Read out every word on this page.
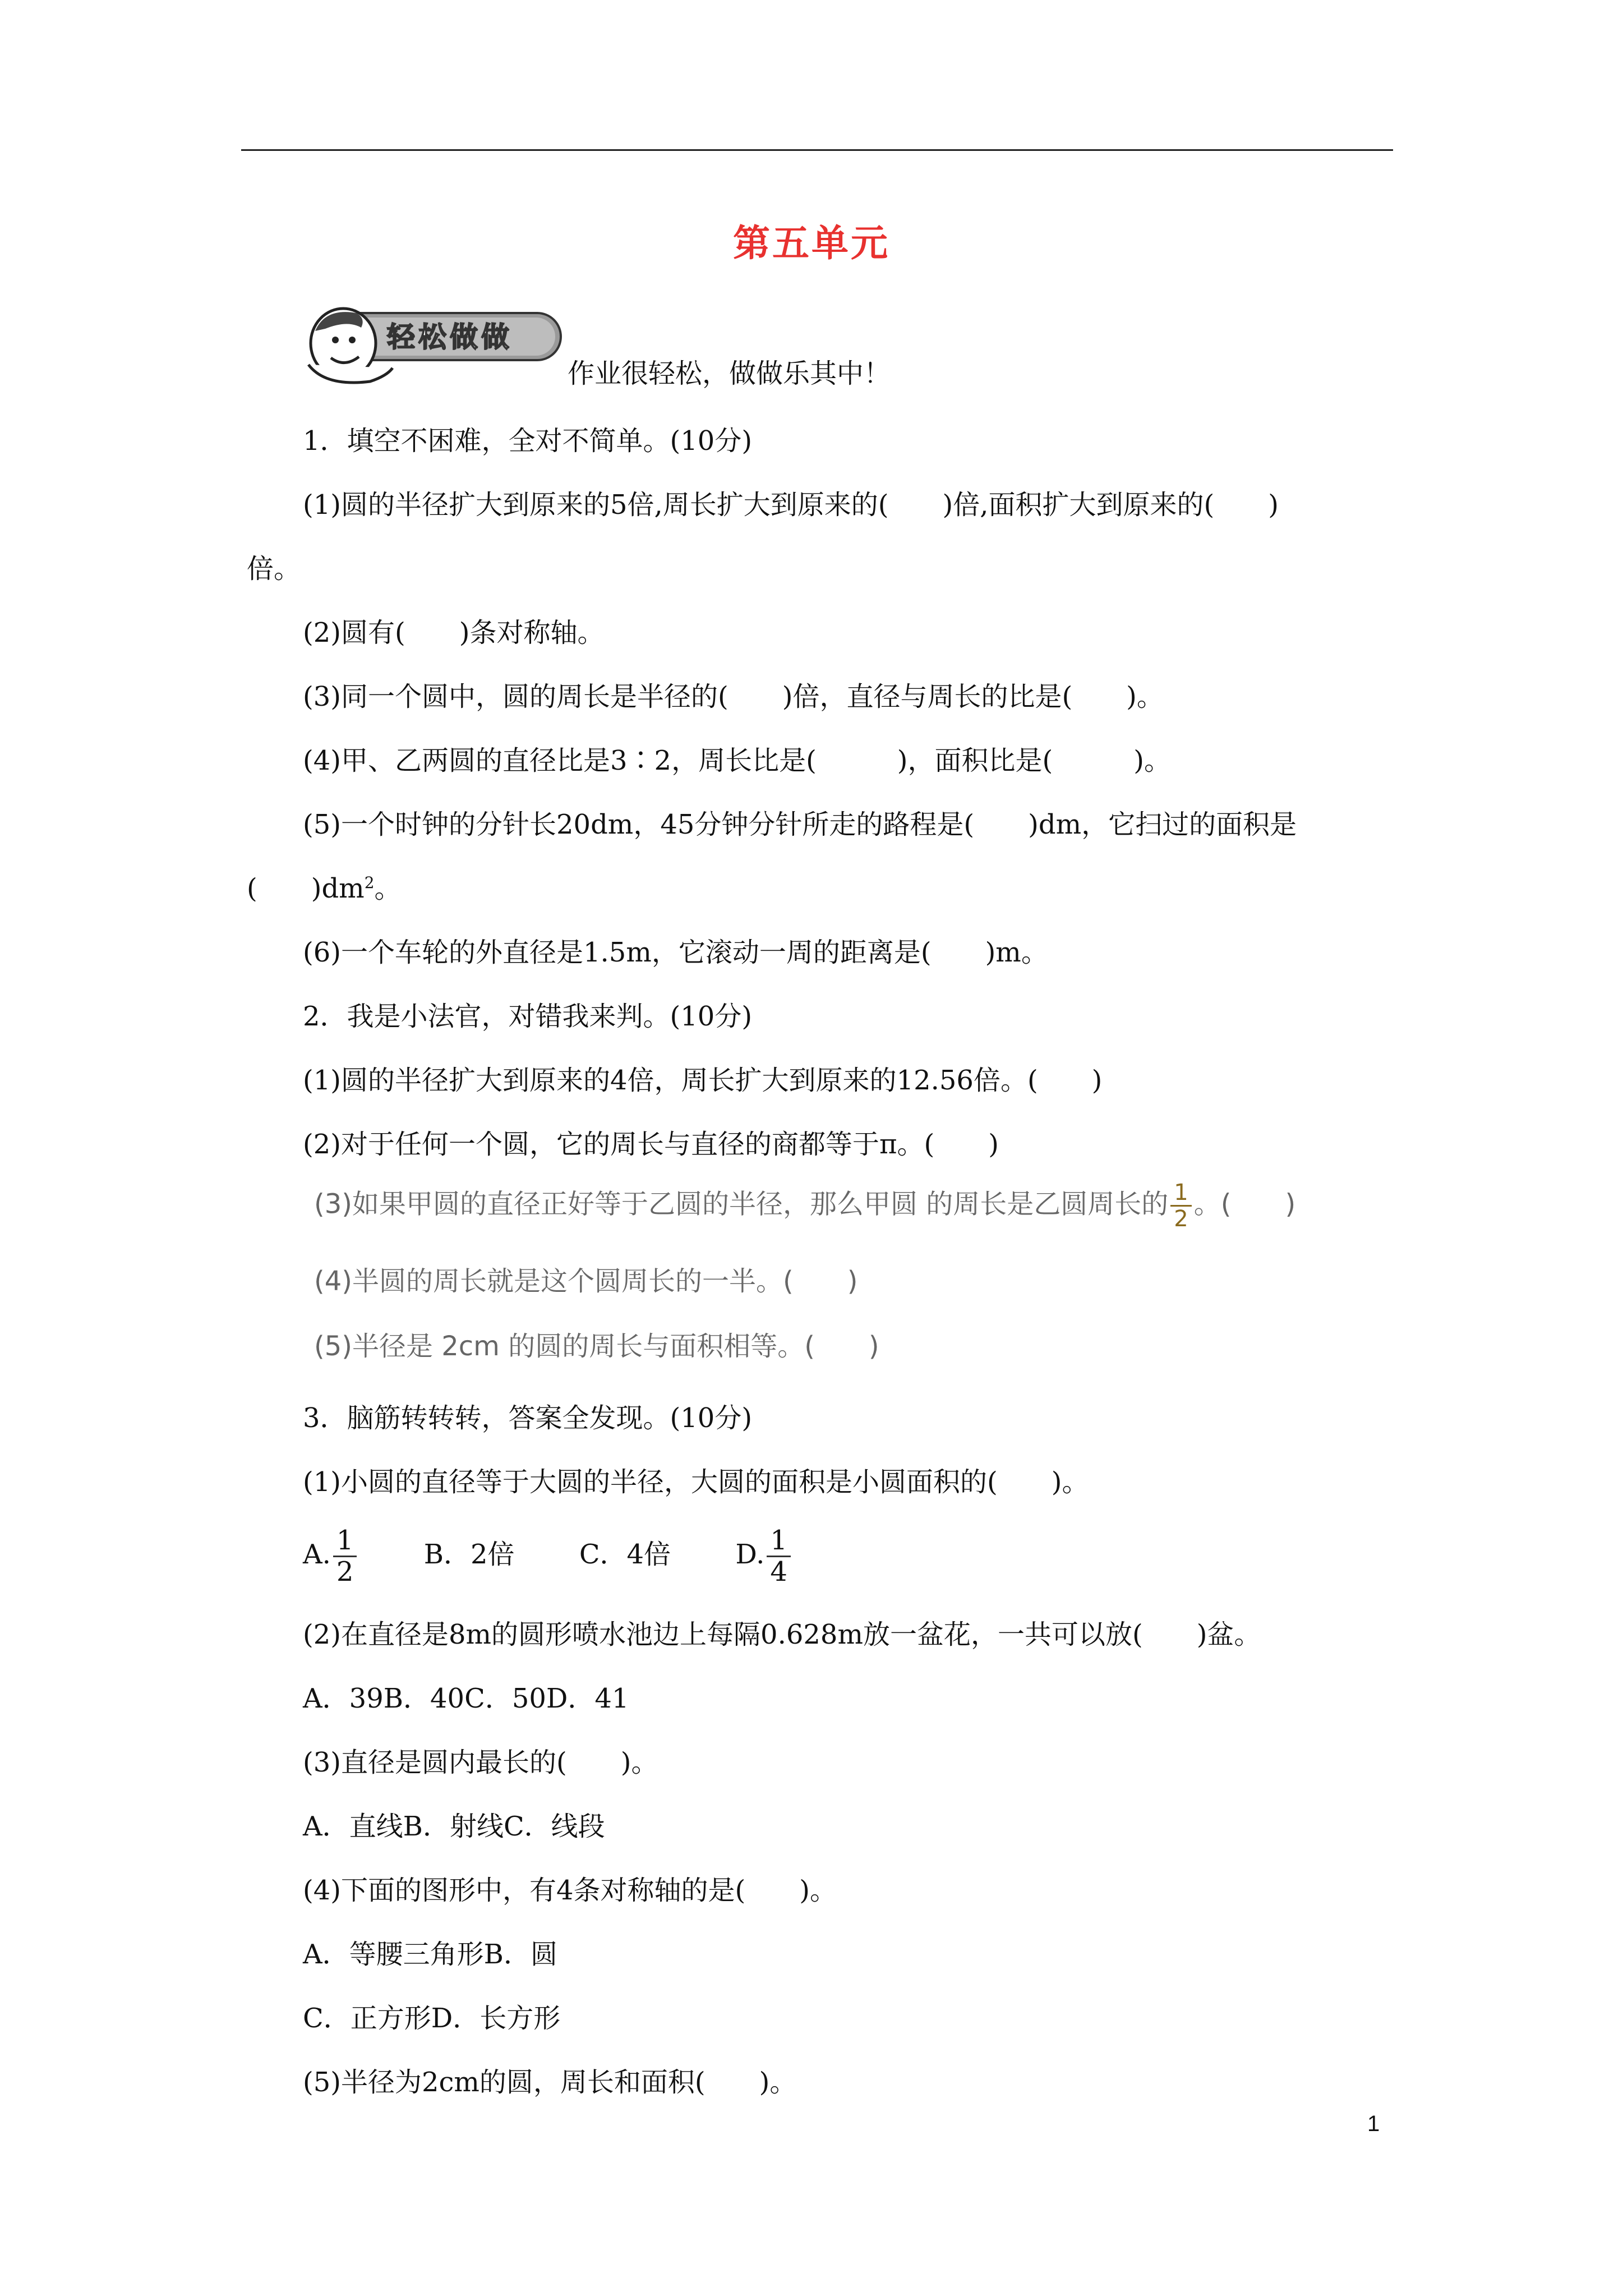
第五单元
轻松做做
作业很轻松，做做乐其中！
1．填空不困难，全对不简单。(10分)
(1)圆的半径扩大到原来的5倍,周长扩大到原来的(　　)倍,面积扩大到原来的(　　)
倍。
(2)圆有(　　)条对称轴。
(3)同一个圆中，圆的周长是半径的(　　)倍，直径与周长的比是(　　)。
(4)甲、乙两圆的直径比是3∶2，周长比是(　　　)，面积比是(　　　)。
(5)一个时钟的分针长20dm，45分钟分针所走的路程是(　　)dm，它扫过的面积是
(　　)$dm^2$。
(6)一个车轮的外直径是1.5m，它滚动一周的距离是(　　)m。
2．我是小法官，对错我来判。(10分)
(1)圆的半径扩大到原来的4倍，周长扩大到原来的12.56倍。(　　)
(2)对于任何一个圆，它的周长与直径的商都等于π。(　　)
(3)如果甲圆的直径正好等于乙圆的半径，那么甲圆 的周长是乙圆周长的 $\frac{1}{2}$ 。(　　)
(4)半圆的周长就是这个圆周长的一半。(　　)
(5)半径是 2cm 的圆的周长与面积相等。(　　)
3．脑筋转转转，答案全发现。(10分)
(1)小圆的直径等于大圆的半径，大圆的面积是小圆面积的(　　)。
A. $\frac{1}{2}$ B．2倍 C．4倍 D. $\frac{1}{4}$
(2)在直径是8m的圆形喷水池边上每隔0.628m放一盆花，一共可以放(　　)盆。
A．39B．40C．50D．41
(3)直径是圆内最长的(　　)。
A．直线B．射线C．线段
(4)下面的图形中，有4条对称轴的是(　　)。
A．等腰三角形B．圆
C．正方形D．长方形
(5)半径为2cm的圆，周长和面积(　　)。
1
